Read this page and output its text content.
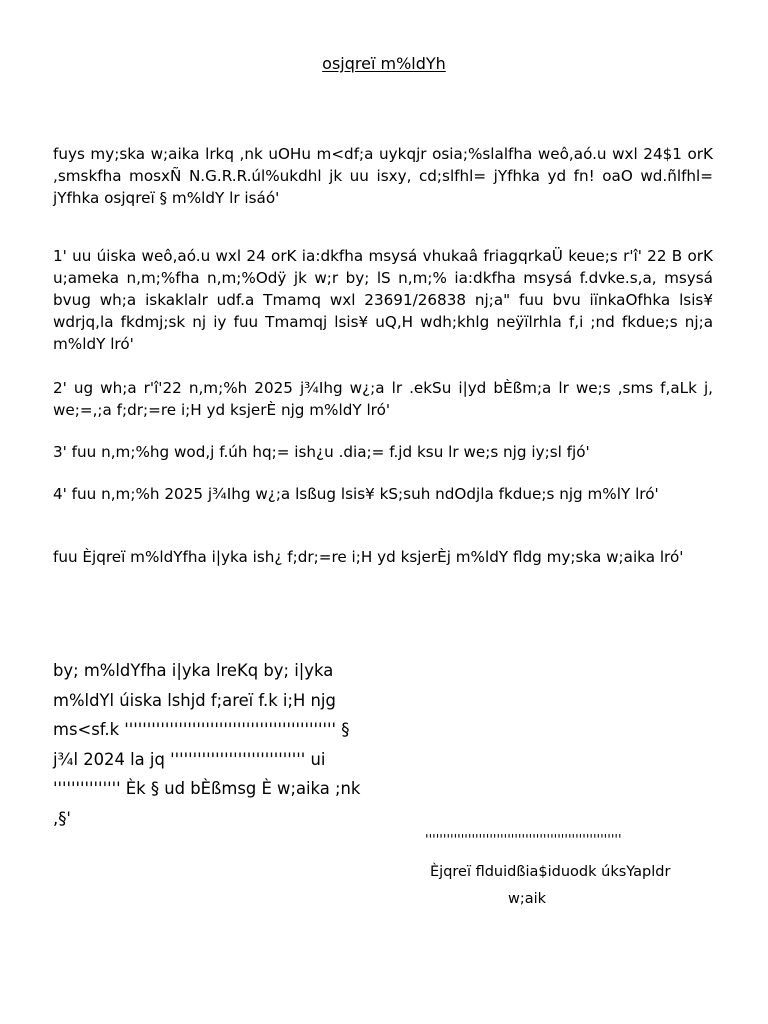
osjqreï m%ldYh

fuys my;ska w;aika lrkq ,nk uOHu m<df;a uykqjr osia;%slalfha weô,aó.u wxl 24$1 orK ,smskfha mosxÑ N.G.R.R.úl%ukdhl jk uu isxy, cd;slfhl= jYfhka yd fn! oaO wd.ñlfhl= jYfhka osjqreï § m%ldY lr isáó'

1' uu úiska weô,aó.u wxl 24 orK ia:dkfha msysá vhukaâ friagqrkaÜ keue;s r'î' 22 B orK u;ameka n,m;%fha n,m;%Odÿ jk w;r by; lS n,m;% ia:dkfha msysá f.dvke.s,a, msysá bvug wh;a iskaklalr udf.a Tmamq wxl 23691/26838 nj;a" fuu bvu iïnkaOfhka lsis¥ wdrjq,la fkdmj;sk nj iy fuu Tmamqj lsis¥ uQ,H wdh;khlg neÿïlrhla f,i ;nd fkdue;s nj;a m%ldY lró'

2' ug wh;a r'î'22 n,m;%h 2025 j¾Ihg w¿;a lr .ekSu i|yd bÈßm;a lr we;s ,sms f,aLk j, we;=,;a f;dr;=re i;H yd ksjerÈ njg m%ldY lró'

3' fuu n,m;%hg wod,j f.úh hq;= ish¿u .dia;= f.jd ksu lr we;s njg iy;sl fjó'

4' fuu n,m;%h 2025 j¾Ihg w¿;a lsßug lsis¥ kS;suh ndOdjla fkdue;s njg m%lY lró'

fuu Èjqreï m%ldYfha i|yka ish¿ f;dr;=re i;H yd ksjerÈj m%ldY fldg my;ska w;aika lró'

by; m%ldYfha i|yka lreKq by; i|yka
m%ldYl úiska lshjd f;areï f.k i;H njg
ms<sf.k ''''''''''''''''''''''''''''''''''''''''''''''' §
j¾l 2024 la jq '''''''''''''''''''''''''''''' ui
''''''''''''''' Èk § ud bÈßmsg È w;aika ;nk
,§'
'''''''''''''''''''''''''''''''''''''''''''''''''''''''
Èjqreï flduidßia$iduodk úksYapldr
w;aik
